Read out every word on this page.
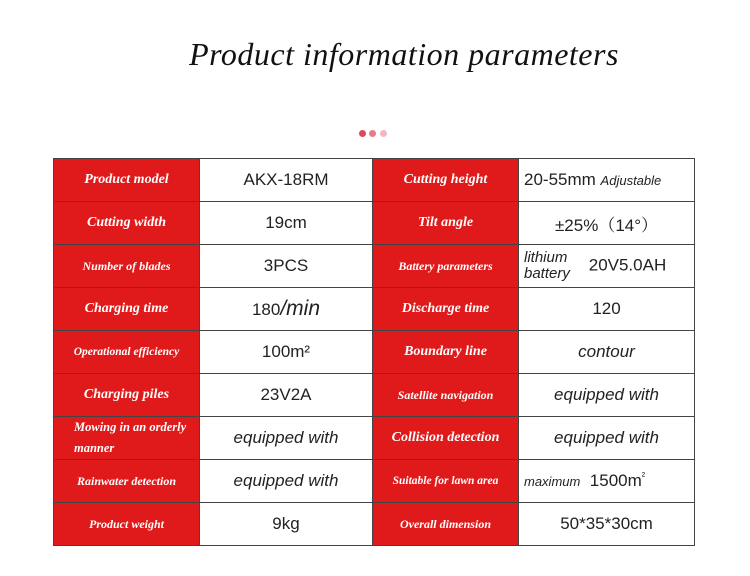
Product information parameters
Product model	AKX-18RM	Cutting height	20-55mm Adjustable
Cutting width	19cm	Tilt angle	±25%（14°）
Number of blades	3PCS	Battery parameters	lithium battery 20V5.0AH
Charging time	180/min	Discharge time	120
Operational efficiency	100m²	Boundary line	contour
Charging piles	23V2A	Satellite navigation	equipped with
Mowing in an orderly manner	equipped with	Collision detection	equipped with
Rainwater detection	equipped with	Suitable for lawn area	maximum $1500m^{^2}$
Product weight	9kg	Overall dimension	50*35*30cm
